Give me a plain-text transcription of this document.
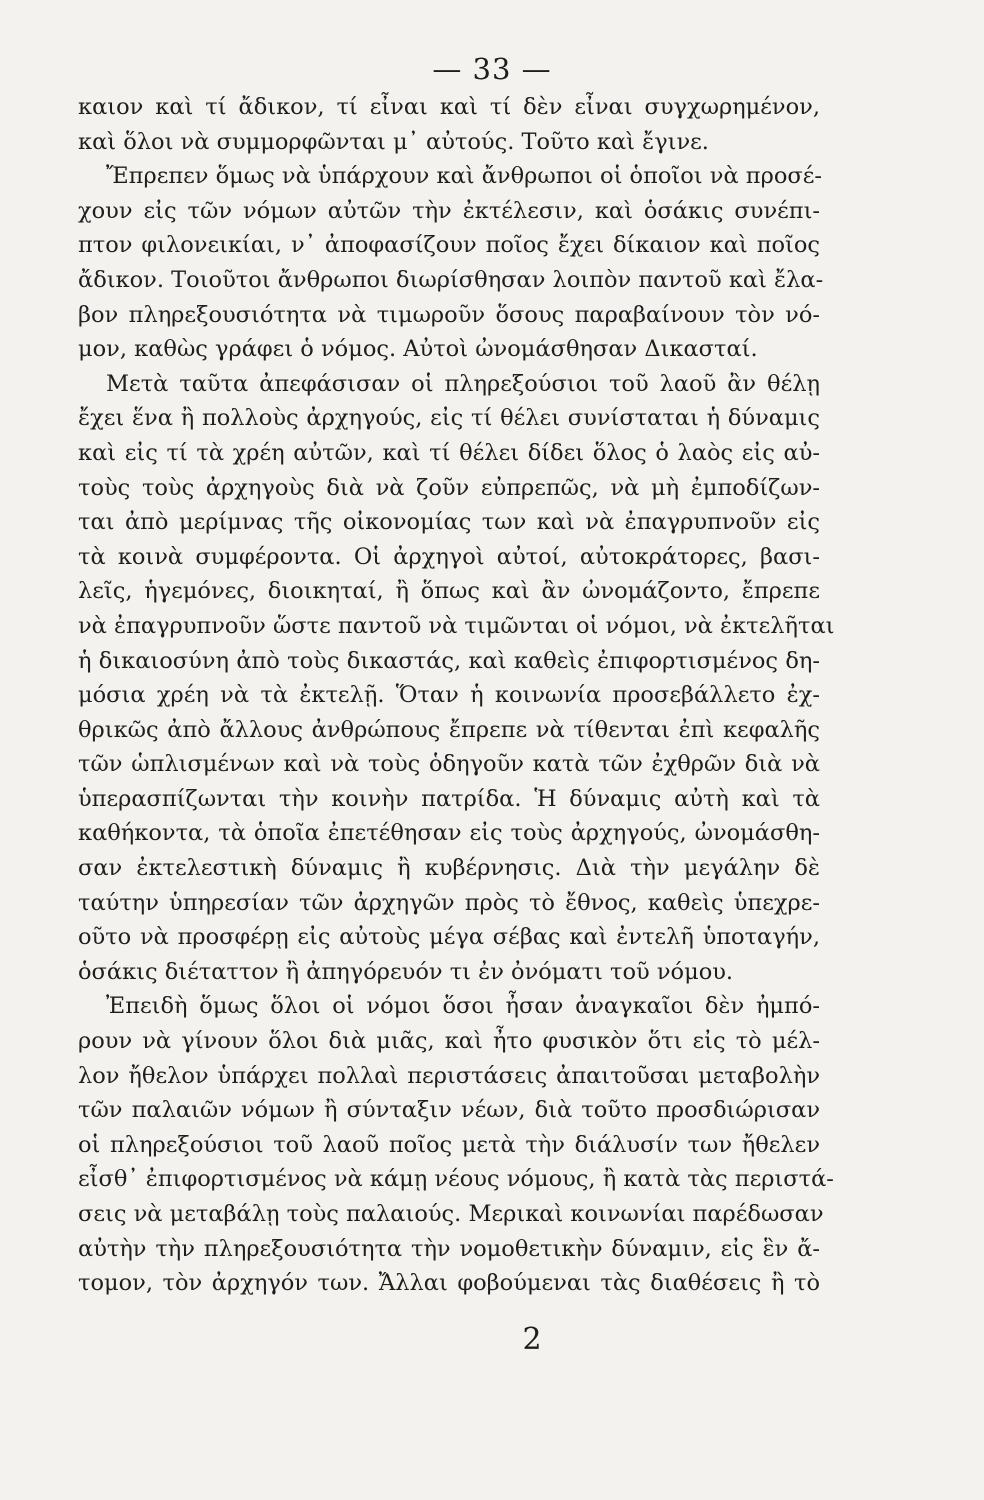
— 33 —
καιον καὶ τί ἄδικον, τί εἶναι καὶ τί δὲν εἶναι συγχωρημένον,
καὶ ὅλοι νὰ συμμορφῶνται μ᾽ αὐτούς. Τοῦτο καὶ ἔγινε.
Ἔπρεπεν ὅμως νὰ ὑπάρχουν καὶ ἄνθρωποι οἱ ὁποῖοι νὰ προσέ-
χουν εἰς τῶν νόμων αὐτῶν τὴν ἐκτέλεσιν, καὶ ὁσάκις συνέπι-
πτον φιλονεικίαι, ν᾽ ἀποφασίζουν ποῖος ἔχει δίκαιον καὶ ποῖος
ἄδικον. Τοιοῦτοι ἄνθρωποι διωρίσθησαν λοιπὸν παντοῦ καὶ ἔλα-
βον πληρεξουσιότητα νὰ τιμωροῦν ὅσους παραβαίνουν τὸν νό-
μον, καθὼς γράφει ὁ νόμος. Αὐτοὶ ὠνομάσθησαν Δικασταί.
Μετὰ ταῦτα ἀπεφάσισαν οἱ πληρεξούσιοι τοῦ λαοῦ ἂν θέλῃ
ἔχει ἕνα ἢ πολλοὺς ἀρχηγούς, εἰς τί θέλει συνίσταται ἡ δύναμις
καὶ εἰς τί τὰ χρέη αὐτῶν, καὶ τί θέλει δίδει ὅλος ὁ λαὸς εἰς αὐ-
τοὺς τοὺς ἀρχηγοὺς διὰ νὰ ζοῦν εὐπρεπῶς, νὰ μὴ ἐμποδίζων-
ται ἀπὸ μερίμνας τῆς οἰκονομίας των καὶ νὰ ἐπαγρυπνοῦν εἰς
τὰ κοινὰ συμφέροντα. Οἱ ἀρχηγοὶ αὐτοί, αὐτοκράτορες, βασι-
λεῖς, ἡγεμόνες, διοικηταί, ἢ ὅπως καὶ ἂν ὠνομάζοντο, ἔπρεπε
νὰ ἐπαγρυπνοῦν ὥστε παντοῦ νὰ τιμῶνται οἱ νόμοι, νὰ ἐκτελῆται
ἡ δικαιοσύνη ἀπὸ τοὺς δικαστάς, καὶ καθεὶς ἐπιφορτισμένος δη-
μόσια χρέη νὰ τὰ ἐκτελῇ. Ὅταν ἡ κοινωνία προσεβάλλετο ἐχ-
θρικῶς ἀπὸ ἄλλους ἀνθρώπους ἔπρεπε νὰ τίθενται ἐπὶ κεφαλῆς
τῶν ὡπλισμένων καὶ νὰ τοὺς ὁδηγοῦν κατὰ τῶν ἐχθρῶν διὰ νὰ
ὑπερασπίζωνται τὴν κοινὴν πατρίδα. Ἡ δύναμις αὐτὴ καὶ τὰ
καθήκοντα, τὰ ὁποῖα ἐπετέθησαν εἰς τοὺς ἀρχηγούς, ὠνομάσθη-
σαν ἐκτελεστικὴ δύναμις ἢ κυβέρνησις. Διὰ τὴν μεγάλην δὲ
ταύτην ὑπηρεσίαν τῶν ἀρχηγῶν πρὸς τὸ ἔθνος, καθεὶς ὑπεχρε-
οῦτο νὰ προσφέρῃ εἰς αὐτοὺς μέγα σέβας καὶ ἐντελῆ ὑποταγήν,
ὁσάκις διέταττον ἢ ἀπηγόρευόν τι ἐν ὀνόματι τοῦ νόμου.
Ἐπειδὴ ὅμως ὅλοι οἱ νόμοι ὅσοι ἦσαν ἀναγκαῖοι δὲν ἠμπό-
ρουν νὰ γίνουν ὅλοι διὰ μιᾶς, καὶ ἦτο φυσικὸν ὅτι εἰς τὸ μέλ-
λον ἤθελον ὑπάρχει πολλαὶ περιστάσεις ἀπαιτοῦσαι μεταβολὴν
τῶν παλαιῶν νόμων ἢ σύνταξιν νέων, διὰ τοῦτο προσδιώρισαν
οἱ πληρεξούσιοι τοῦ λαοῦ ποῖος μετὰ τὴν διάλυσίν των ἤθελεν
εἶσθ᾽ ἐπιφορτισμένος νὰ κάμῃ νέους νόμους, ἢ κατὰ τὰς περιστά-
σεις νὰ μεταβάλῃ τοὺς παλαιούς. Μερικαὶ κοινωνίαι παρέδωσαν
αὐτὴν τὴν πληρεξουσιότητα τὴν νομοθετικὴν δύναμιν, εἰς ἓν ἄ-
τομον, τὸν ἀρχηγόν των. Ἄλλαι φοβούμεναι τὰς διαθέσεις ἢ τὸ
2
